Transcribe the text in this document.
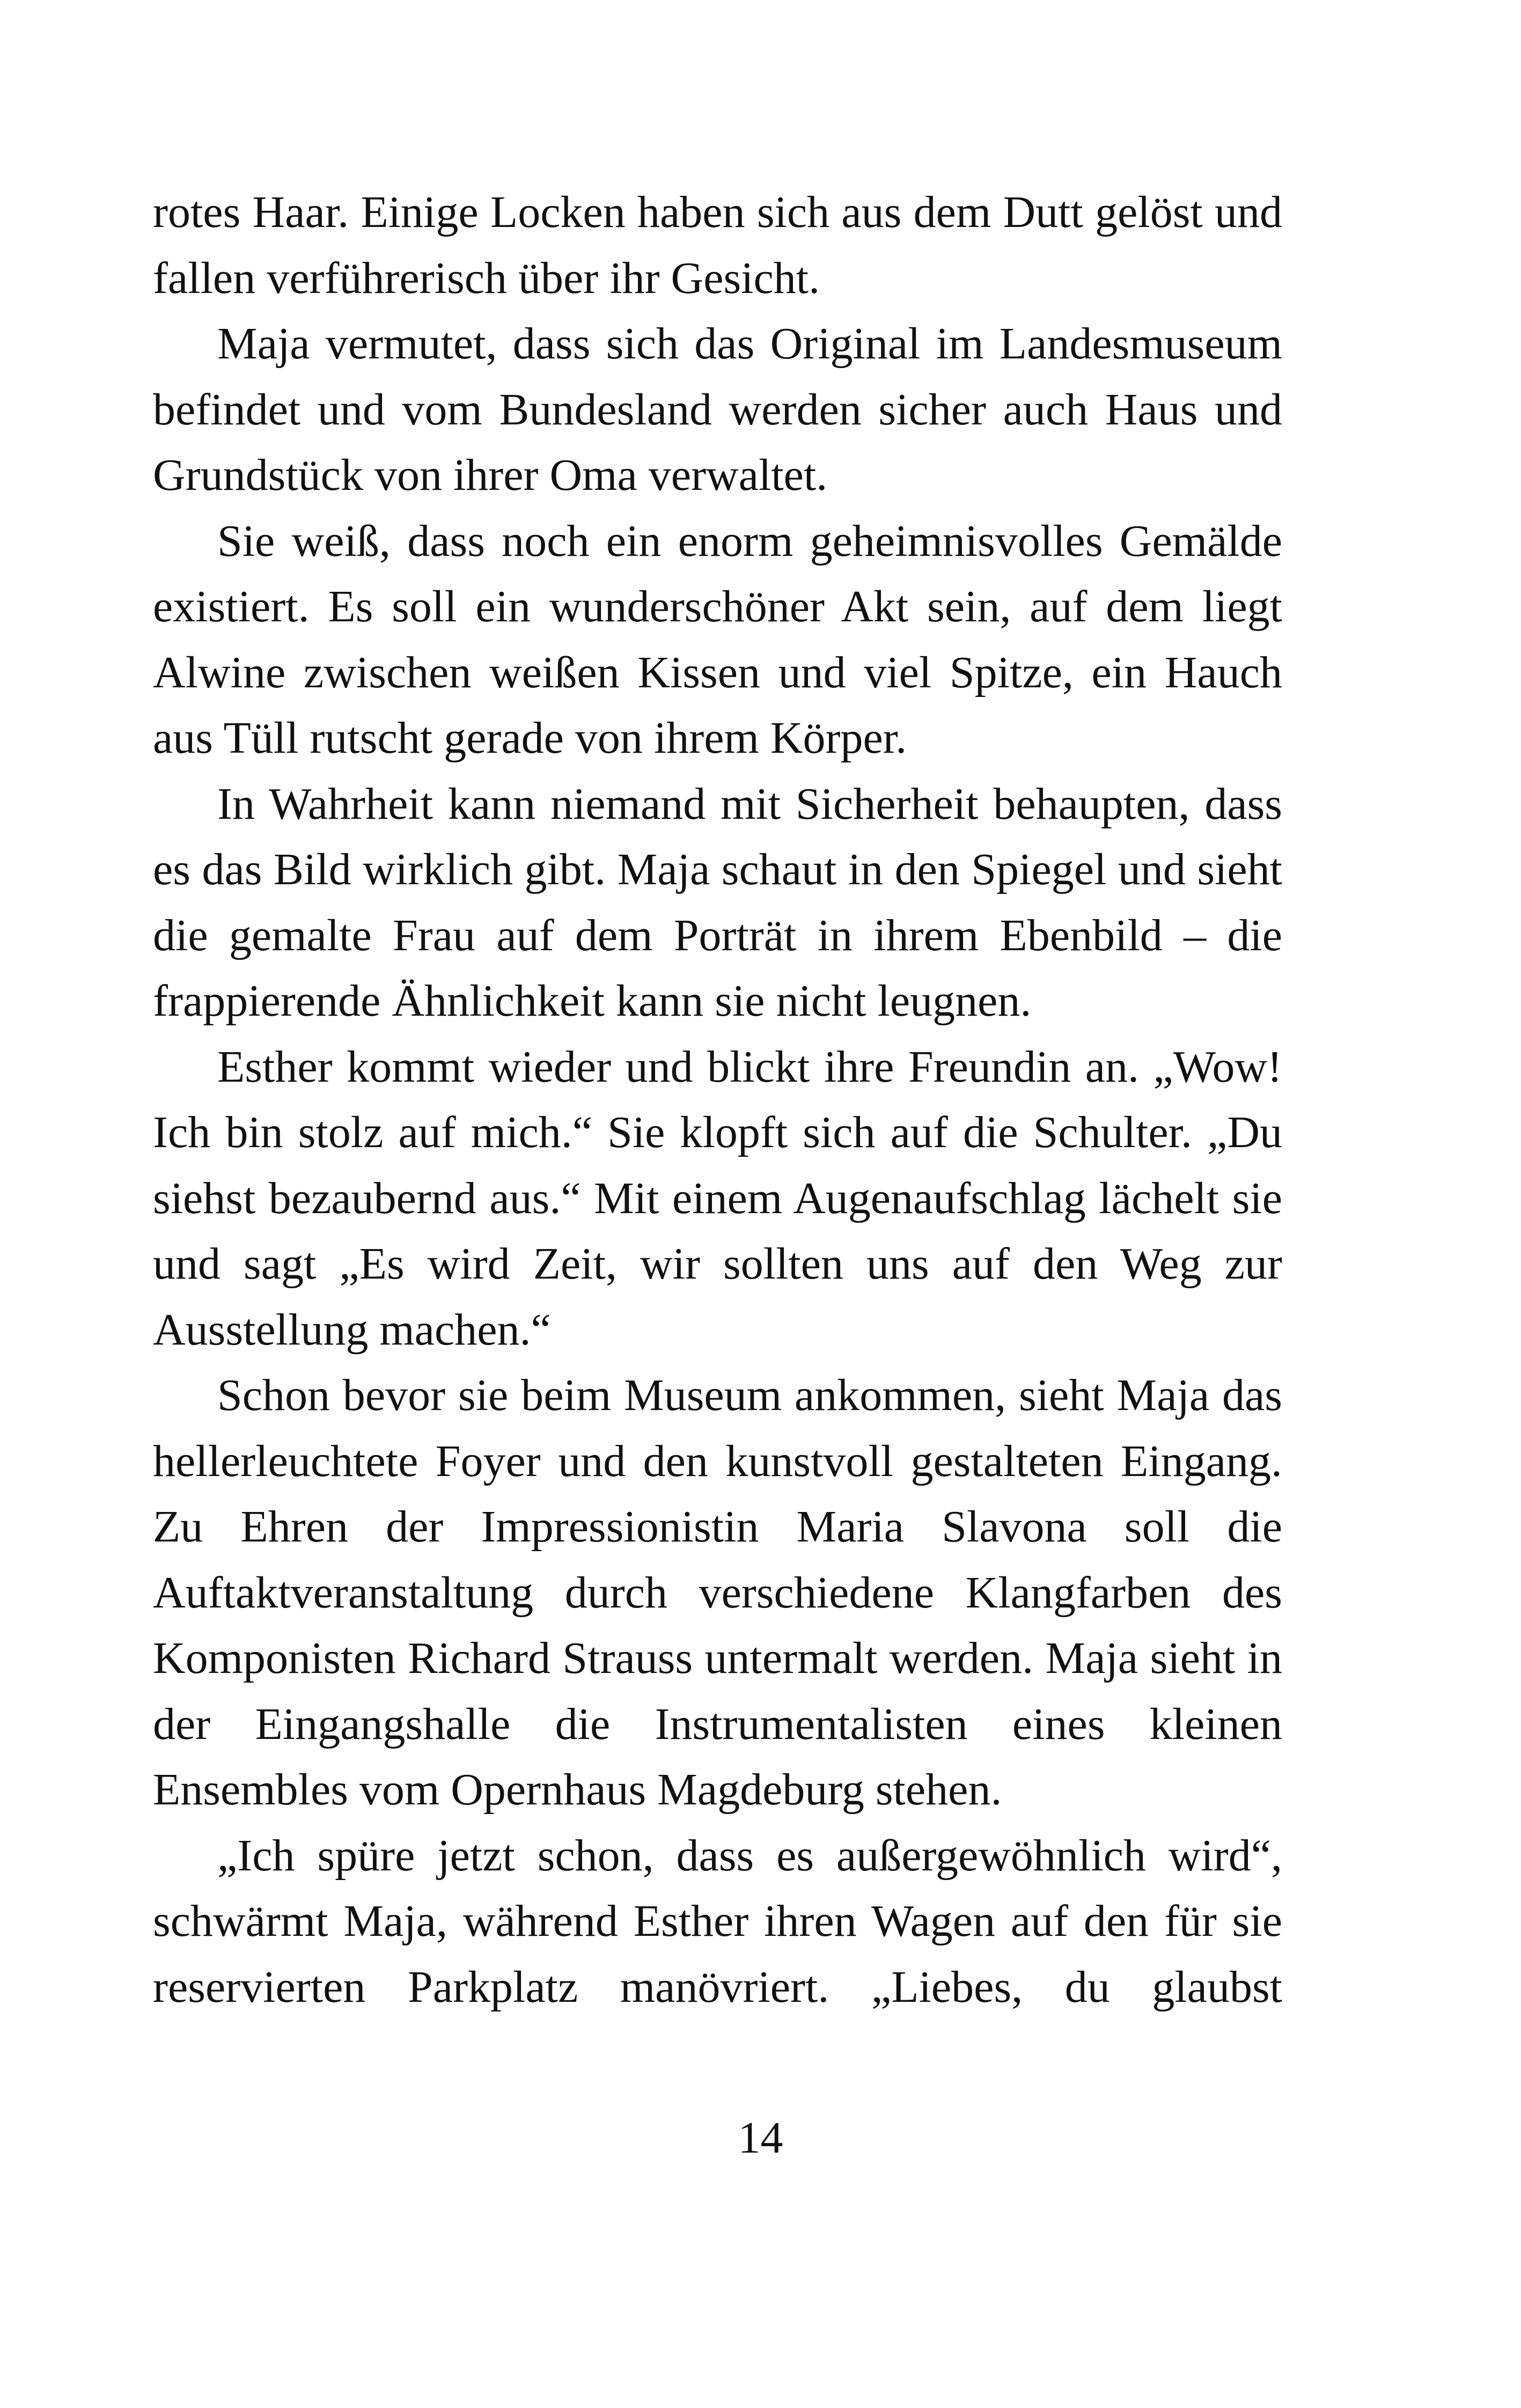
rotes Haar. Einige Locken haben sich aus dem Dutt gelöst und fallen verführerisch über ihr Gesicht.

Maja vermutet, dass sich das Original im Landesmuseum befindet und vom Bundesland werden sicher auch Haus und Grundstück von ihrer Oma verwaltet.

Sie weiß, dass noch ein enorm geheimnisvolles Gemälde existiert. Es soll ein wunderschöner Akt sein, auf dem liegt Alwine zwischen weißen Kissen und viel Spitze, ein Hauch aus Tüll rutscht gerade von ihrem Körper.

In Wahrheit kann niemand mit Sicherheit behaupten, dass es das Bild wirklich gibt. Maja schaut in den Spiegel und sieht die gemalte Frau auf dem Porträt in ihrem Ebenbild – die frappierende Ähnlichkeit kann sie nicht leugnen.

Esther kommt wieder und blickt ihre Freundin an. „Wow! Ich bin stolz auf mich.“ Sie klopft sich auf die Schulter. „Du siehst bezaubernd aus.“ Mit einem Augenaufschlag lächelt sie und sagt „Es wird Zeit, wir sollten uns auf den Weg zur Ausstellung machen.“

Schon bevor sie beim Museum ankommen, sieht Maja das hellerleuchtete Foyer und den kunstvoll gestalteten Eingang. Zu Ehren der Impressionistin Maria Slavona soll die Auftaktveranstaltung durch verschiedene Klangfarben des Komponisten Richard Strauss untermalt werden. Maja sieht in der Eingangshalle die Instrumentalisten eines kleinen Ensembles vom Opernhaus Magdeburg stehen.

„Ich spüre jetzt schon, dass es außergewöhnlich wird“, schwärmt Maja, während Esther ihren Wagen auf den für sie reservierten Parkplatz manövriert. „Liebes, du glaubst

14
